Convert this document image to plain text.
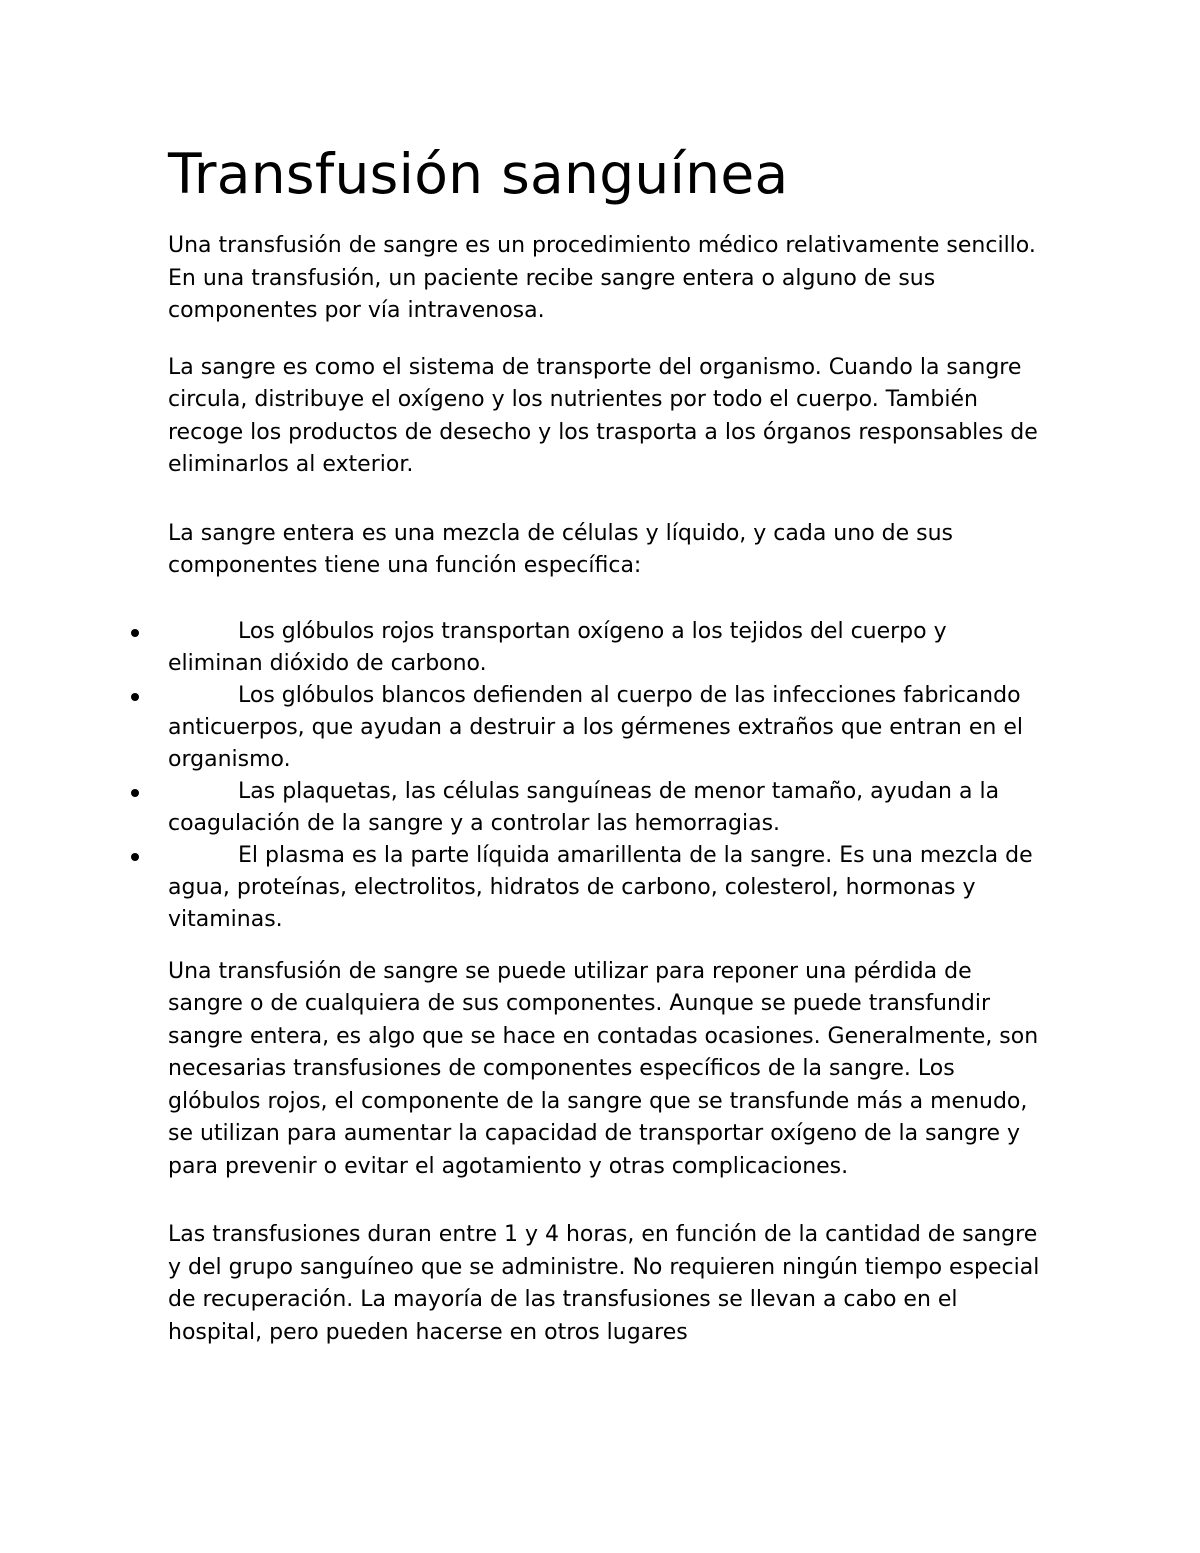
Transfusión sanguínea

Una transfusión de sangre es un procedimiento médico relativamente sencillo. En una transfusión, un paciente recibe sangre entera o alguno de sus componentes por vía intravenosa.

La sangre es como el sistema de transporte del organismo. Cuando la sangre circula, distribuye el oxígeno y los nutrientes por todo el cuerpo. También recoge los productos de desecho y los trasporta a los órganos responsables de eliminarlos al exterior.

La sangre entera es una mezcla de células y líquido, y cada uno de sus componentes tiene una función específica:

Los glóbulos rojos transportan oxígeno a los tejidos del cuerpo y eliminan dióxido de carbono.
Los glóbulos blancos defienden al cuerpo de las infecciones fabricando anticuerpos, que ayudan a destruir a los gérmenes extraños que entran en el organismo.
Las plaquetas, las células sanguíneas de menor tamaño, ayudan a la coagulación de la sangre y a controlar las hemorragias.
El plasma es la parte líquida amarillenta de la sangre. Es una mezcla de agua, proteínas, electrolitos, hidratos de carbono, colesterol, hormonas y vitaminas.

Una transfusión de sangre se puede utilizar para reponer una pérdida de sangre o de cualquiera de sus componentes. Aunque se puede transfundir sangre entera, es algo que se hace en contadas ocasiones. Generalmente, son necesarias transfusiones de componentes específicos de la sangre. Los glóbulos rojos, el componente de la sangre que se transfunde más a menudo, se utilizan para aumentar la capacidad de transportar oxígeno de la sangre y para prevenir o evitar el agotamiento y otras complicaciones.

Las transfusiones duran entre 1 y 4 horas, en función de la cantidad de sangre y del grupo sanguíneo que se administre. No requieren ningún tiempo especial de recuperación. La mayoría de las transfusiones se llevan a cabo en el hospital, pero pueden hacerse en otros lugares
